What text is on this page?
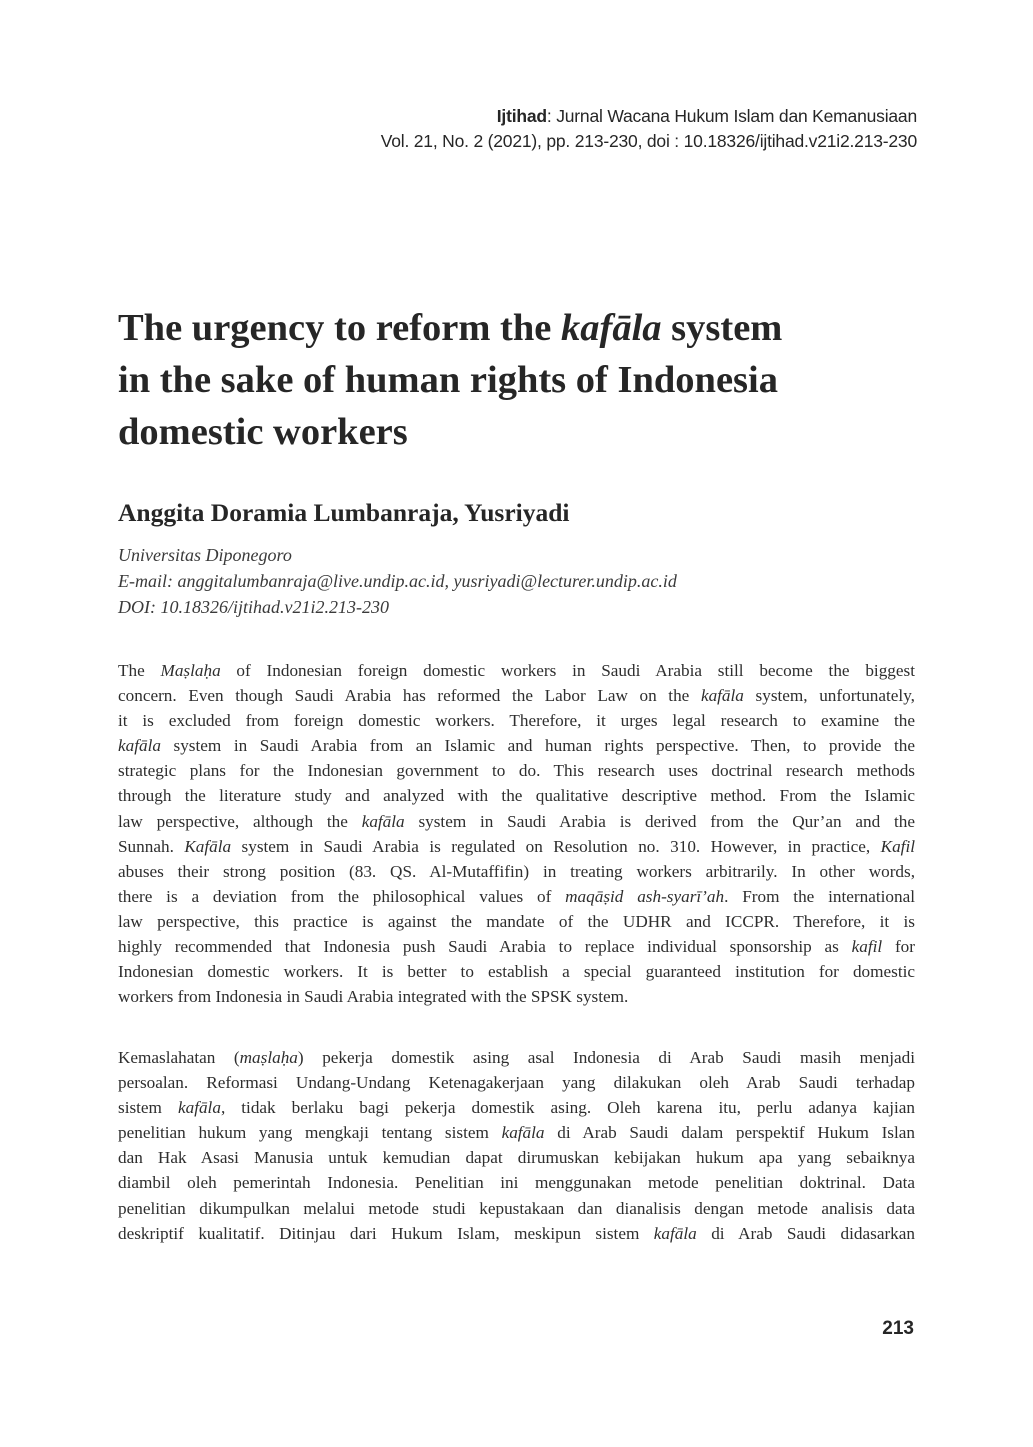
Ijtihad: Jurnal Wacana Hukum Islam dan Kemanusiaan
Vol. 21, No. 2 (2021), pp. 213-230, doi : 10.18326/ijtihad.v21i2.213-230
The urgency to reform the kafāla system
in the sake of human rights of Indonesia
domestic workers
Anggita Doramia Lumbanraja, Yusriyadi
Universitas Diponegoro
E-mail: anggitalumbanraja@live.undip.ac.id, yusriyadi@lecturer.undip.ac.id
DOI: 10.18326/ijtihad.v21i2.213-230
The Maṣlaḥa of Indonesian foreign domestic workers in Saudi Arabia still become the biggest
concern. Even though Saudi Arabia has reformed the Labor Law on the kafāla system, unfortunately,
it is excluded from foreign domestic workers. Therefore, it urges legal research to examine the
kafāla system in Saudi Arabia from an Islamic and human rights perspective. Then, to provide the
strategic plans for the Indonesian government to do. This research uses doctrinal research methods
through the literature study and analyzed with the qualitative descriptive method. From the Islamic
law perspective, although the kafāla system in Saudi Arabia is derived from the Qur’an and the
Sunnah. Kafāla system in Saudi Arabia is regulated on Resolution no. 310. However, in practice, Kafil
abuses their strong position (83. QS. Al-Mutaffifin) in treating workers arbitrarily. In other words,
there is a deviation from the philosophical values of maqāṣid ash-syarī’ah. From the international
law perspective, this practice is against the mandate of the UDHR and ICCPR. Therefore, it is
highly recommended that Indonesia push Saudi Arabia to replace individual sponsorship as kafil for
Indonesian domestic workers. It is better to establish a special guaranteed institution for domestic
workers from Indonesia in Saudi Arabia integrated with the SPSK system.
Kemaslahatan (maṣlaḥa) pekerja domestik asing asal Indonesia di Arab Saudi masih menjadi
persoalan. Reformasi Undang-Undang Ketenagakerjaan yang dilakukan oleh Arab Saudi terhadap
sistem kafāla, tidak berlaku bagi pekerja domestik asing. Oleh karena itu, perlu adanya kajian
penelitian hukum yang mengkaji tentang sistem kafāla di Arab Saudi dalam perspektif Hukum Islan
dan Hak Asasi Manusia untuk kemudian dapat dirumuskan kebijakan hukum apa yang sebaiknya
diambil oleh pemerintah Indonesia. Penelitian ini menggunakan metode penelitian doktrinal. Data
penelitian dikumpulkan melalui metode studi kepustakaan dan dianalisis dengan metode analisis data
deskriptif kualitatif. Ditinjau dari Hukum Islam, meskipun sistem kafāla di Arab Saudi didasarkan
213
